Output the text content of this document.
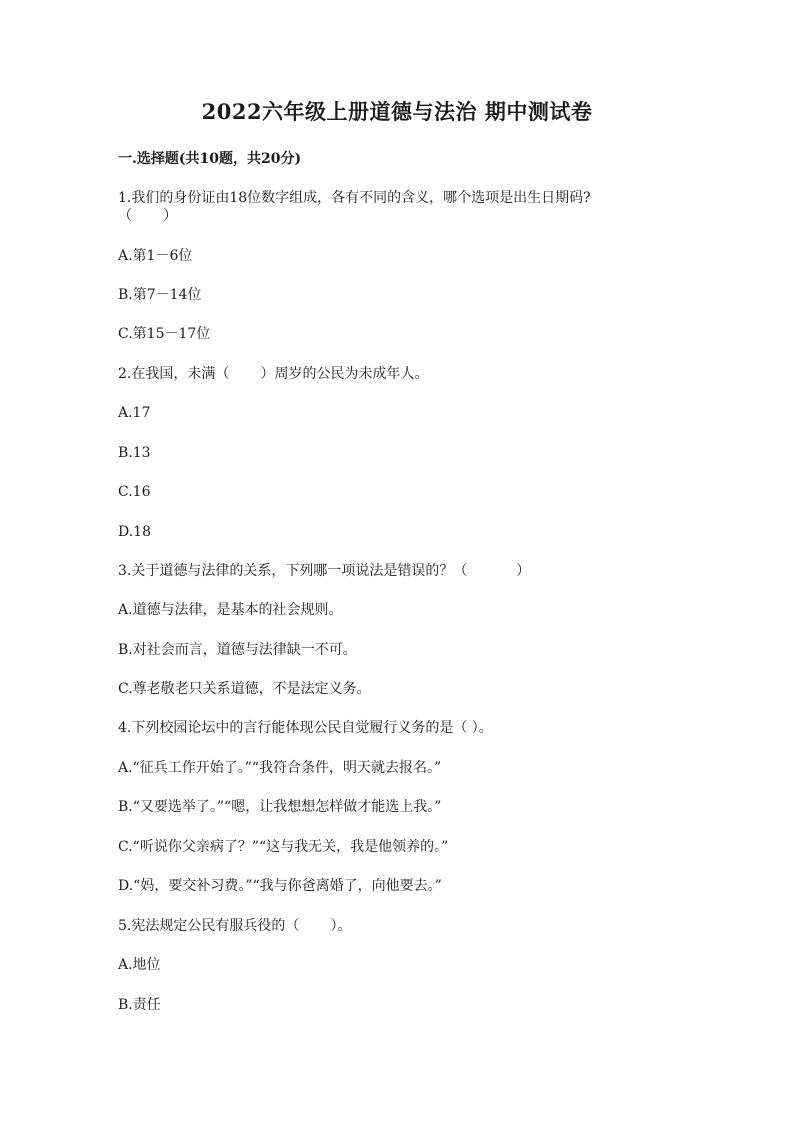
2022六年级上册道德与法治 期中测试卷
一.选择题(共10题，共20分)
1.我们的身份证由18位数字组成，各有不同的含义，哪个选项是出生日期码?
（       ）
A.第1－6位
B.第7－14位
C.第15－17位
2.在我国，未满（       ）周岁的公民为未成年人。
A.17
B.13
C.16
D.18
3.关于道德与法律的关系，下列哪一项说法是错误的？（           ）
A.道德与法律，是基本的社会规则。
B.对社会而言，道德与法律缺一不可。
C.尊老敬老只关系道德，不是法定义务。
4.下列校园论坛中的言行能体现公民自觉履行义务的是（ ）。
A.“征兵工作开始了。”“我符合条件，明天就去报名。”
B.“又要选举了。”“嗯，让我想想怎样做才能选上我。”
C.“听说你父亲病了？”“这与我无关，我是他领养的。”
D.“妈，要交补习费。”“我与你爸离婚了，向他要去。”
5.宪法规定公民有服兵役的（       ）。
A.地位
B.责任
